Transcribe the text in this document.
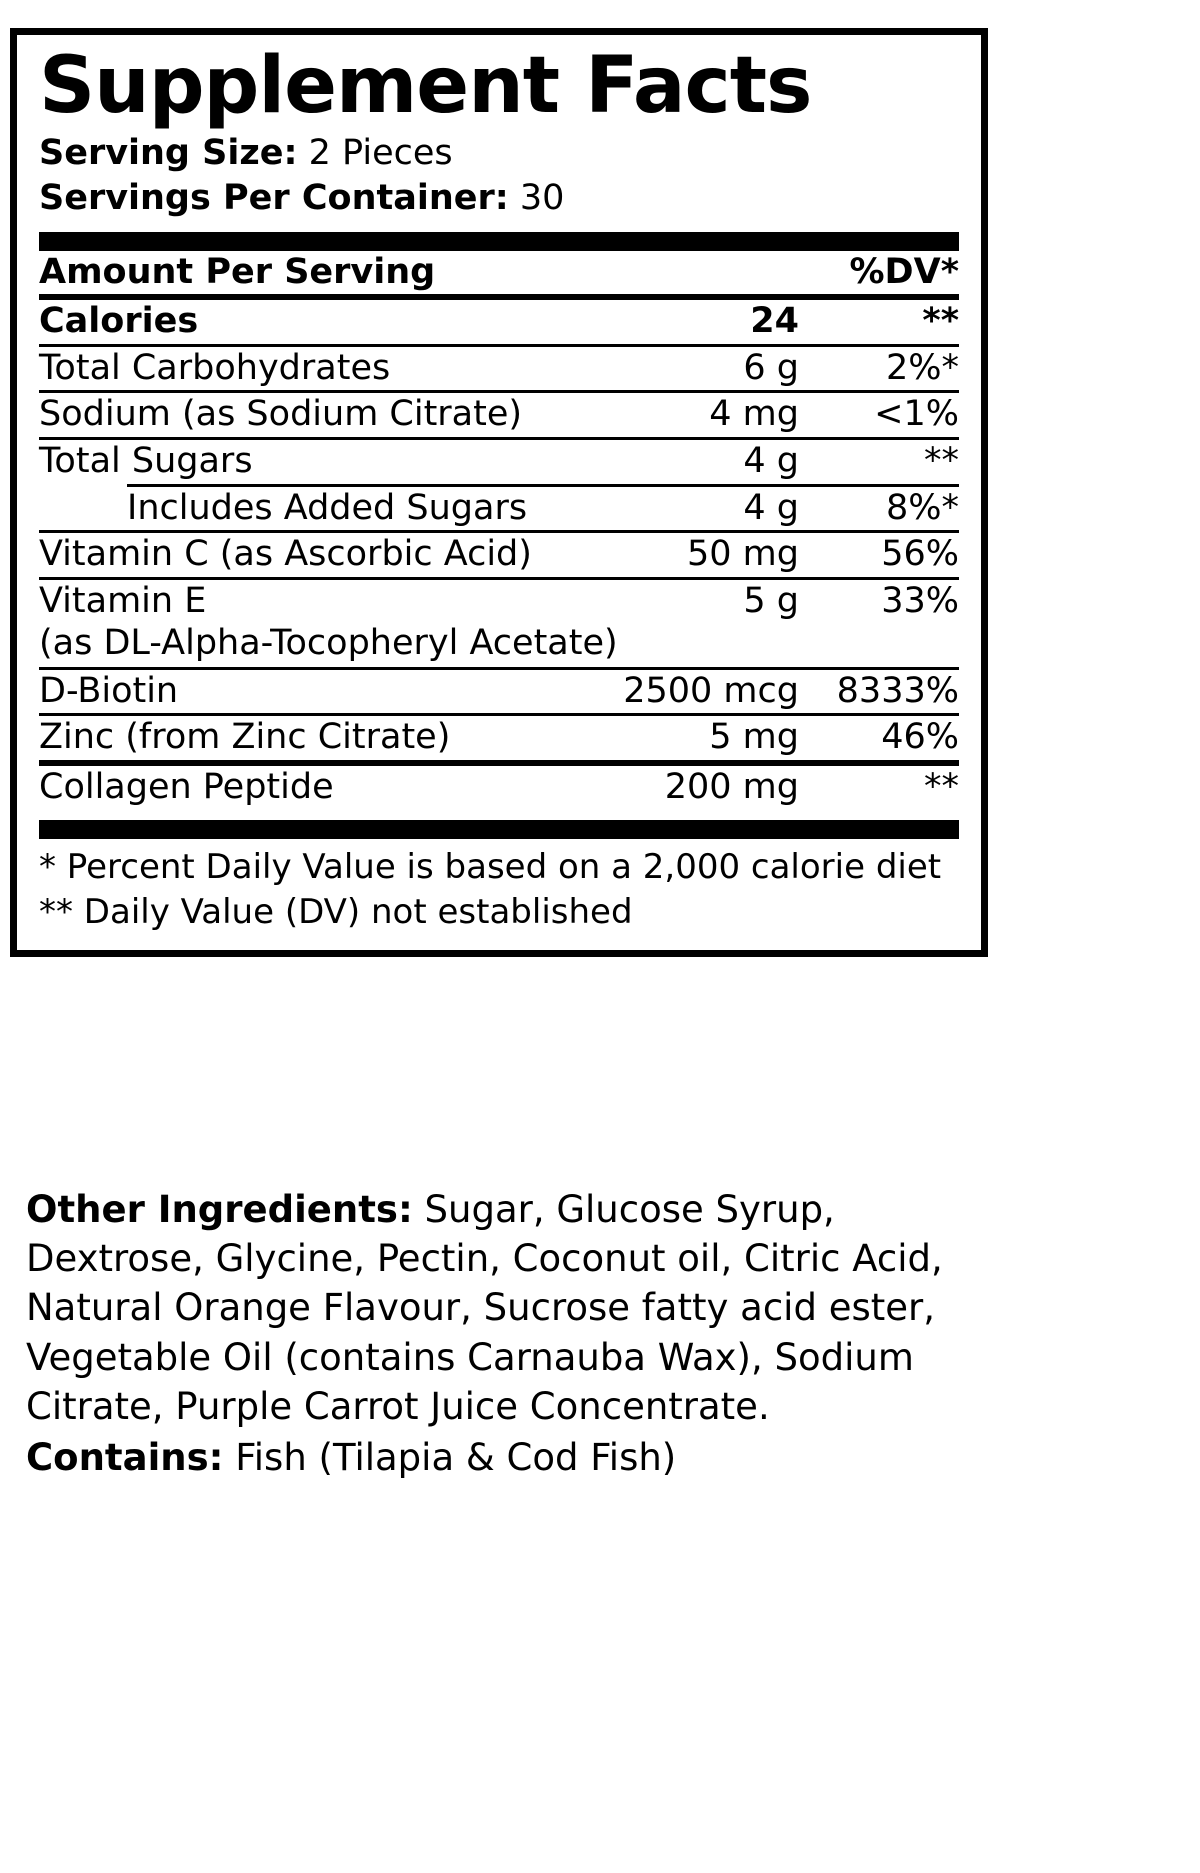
Supplement Facts
Serving Size: 2 Pieces
Servings Per Container: 30
Amount Per Serving		%DV*
Calories	24	**
Total Carbohydrates	6 g	2%*
Sodium (as Sodium Citrate)	4 mg	<1%
Total Sugars	4 g	**
Includes Added Sugars	4 g	8%*
Vitamin C (as Ascorbic Acid)	50 mg	56%
Vitamin E	5 g	33%
(as DL-Alpha-Tocopheryl Acetate)
D-Biotin	2500 mcg	8333%
Zinc (from Zinc Citrate)	5 mg	46%
Collagen Peptide	200 mg	**
* Percent Daily Value is based on a 2,000 calorie diet
** Daily Value (DV) not established
Other Ingredients: Sugar, Glucose Syrup, Dextrose, Glycine, Pectin, Coconut oil, Citric Acid, Natural Orange Flavour, Sucrose fatty acid ester, Vegetable Oil (contains Carnauba Wax), Sodium Citrate, Purple Carrot Juice Concentrate.
Contains: Fish (Tilapia & Cod Fish)
